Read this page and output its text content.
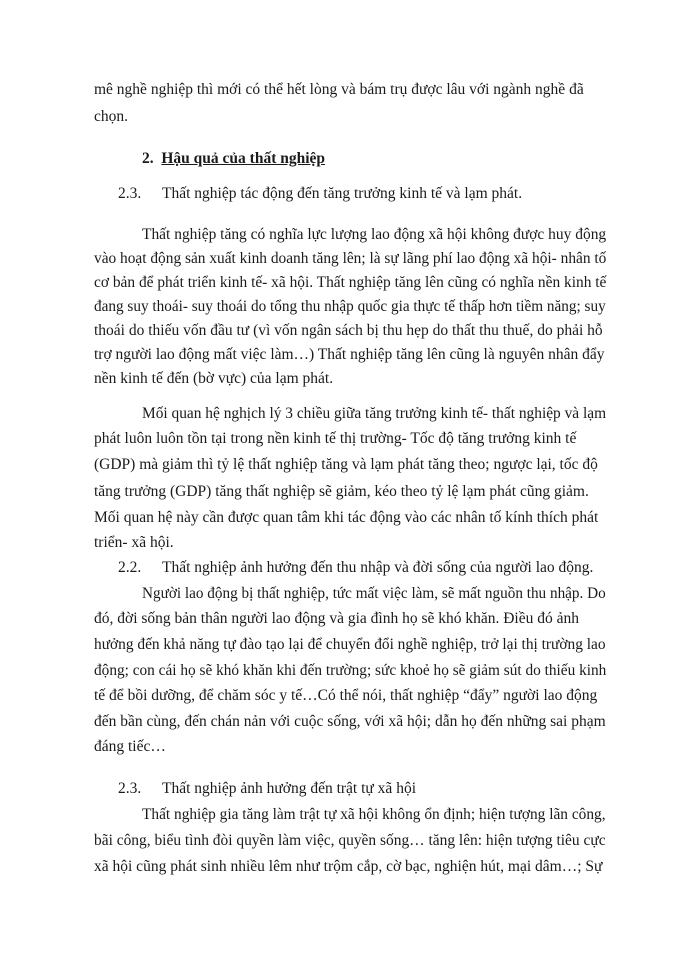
mê nghề nghiệp thì mới có thể hết lòng và bám trụ được lâu với ngành nghề đã
chọn.
2. Hậu quả của thất nghiệp
2.3. Thất nghiệp tác động đến tăng trưởng kinh tế và lạm phát.
Thất nghiệp tăng có nghĩa lực lượng lao động xã hội không được huy động
vào hoạt động sản xuất kinh doanh tăng lên; là sự lãng phí lao động xã hội- nhân tố
cơ bản để phát triển kinh tế- xã hội. Thất nghiệp tăng lên cũng có nghĩa nền kinh tế
đang suy thoái- suy thoái do tổng thu nhập quốc gia thực tế thấp hơn tiềm năng; suy
thoái do thiếu vốn đầu tư (vì vốn ngân sách bị thu hẹp do thất thu thuế, do phải hỗ
trợ người lao động mất việc làm…) Thất nghiệp tăng lên cũng là nguyên nhân đẩy
nền kinh tế đến (bờ vực) của lạm phát.
Mối quan hệ nghịch lý 3 chiều giữa tăng trưởng kinh tế- thất nghiệp và lạm
phát luôn luôn tồn tại trong nền kinh tế thị trường- Tốc độ tăng trưởng kinh tế
(GDP) mà giảm thì tỷ lệ thất nghiệp tăng và lạm phát tăng theo; ngược lại, tốc độ
tăng trưởng (GDP) tăng thất nghiệp sẽ giảm, kéo theo tỷ lệ lạm phát cũng giảm.
Mối quan hệ này cần được quan tâm khi tác động vào các nhân tố kính thích phát
triển- xã hội.
2.2. Thất nghiệp ảnh hưởng đến thu nhập và đời sống của người lao động.
Người lao động bị thất nghiệp, tức mất việc làm, sẽ mất nguồn thu nhập. Do
đó, đời sống bản thân người lao động và gia đình họ sẽ khó khăn. Điều đó ảnh
hưởng đến khả năng tự đào tạo lại để chuyển đổi nghề nghiệp, trở lại thị trường lao
động; con cái họ sẽ khó khăn khi đến trường; sức khoẻ họ sẽ giảm sút do thiếu kinh
tế để bồi dưỡng, để chăm sóc y tế…Có thể nói, thất nghiệp “đẩy” người lao động
đến bần cùng, đến chán nản với cuộc sống, với xã hội; dẫn họ đến những sai phạm
đáng tiếc…
2.3. Thất nghiệp ảnh hưởng đến trật tự xã hội
Thất nghiệp gia tăng làm trật tự xã hội không ổn định; hiện tượng lãn công,
bãi công, biểu tình đòi quyền làm việc, quyền sống… tăng lên: hiện tượng tiêu cực
xã hội cũng phát sinh nhiều lêm như trộm cắp, cờ bạc, nghiện hút, mại dâm…; Sự
